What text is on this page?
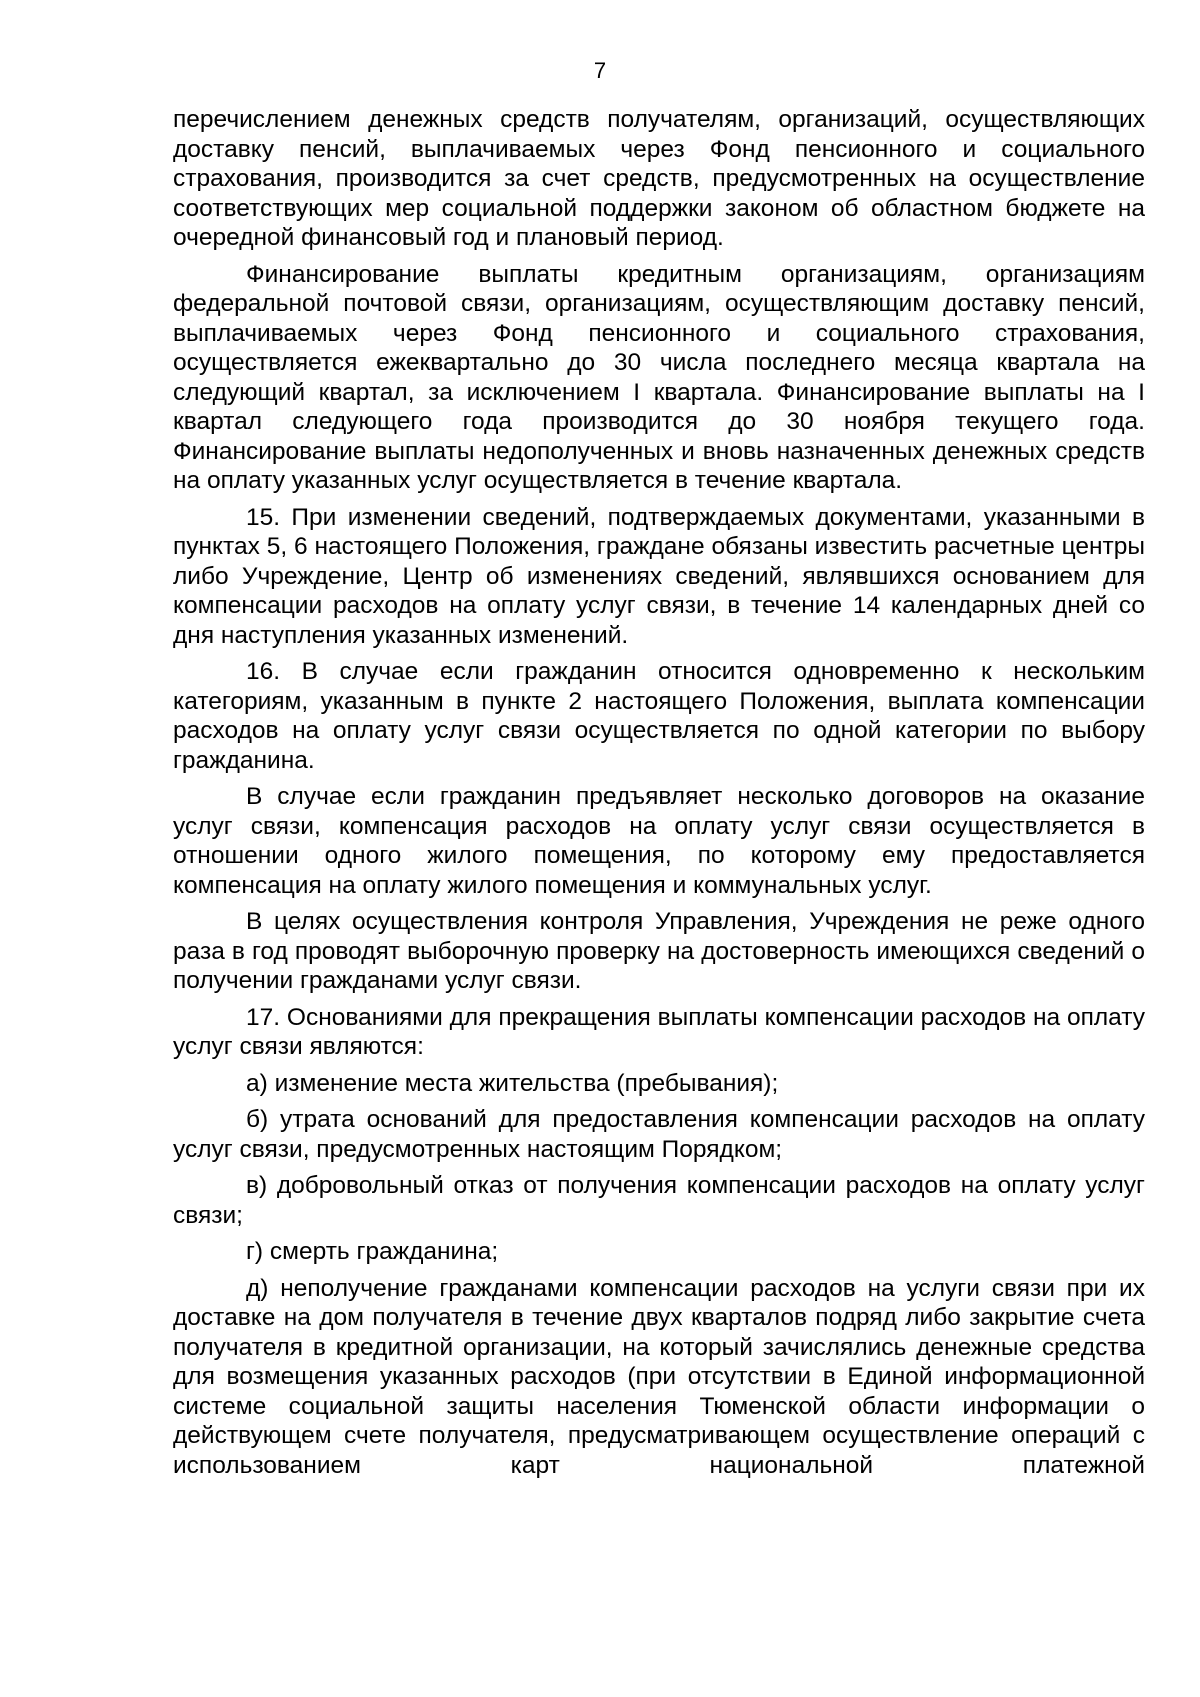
7

перечислением денежных средств получателям, организаций, осуществляющих доставку пенсий, выплачиваемых через Фонд пенсионного и социального страхования, производится за счет средств, предусмотренных на осуществление соответствующих мер социальной поддержки законом об областном бюджете на очередной финансовый год и плановый период.

Финансирование выплаты кредитным организациям, организациям федеральной почтовой связи, организациям, осуществляющим доставку пенсий, выплачиваемых через Фонд пенсионного и социального страхования, осуществляется ежеквартально до 30 числа последнего месяца квартала на следующий квартал, за исключением I квартала. Финансирование выплаты на I квартал следующего года производится до 30 ноября текущего года. Финансирование выплаты недополученных и вновь назначенных денежных средств на оплату указанных услуг осуществляется в течение квартала.

15. При изменении сведений, подтверждаемых документами, указанными в пунктах 5, 6 настоящего Положения, граждане обязаны известить расчетные центры либо Учреждение, Центр об изменениях сведений, являвшихся основанием для компенсации расходов на оплату услуг связи, в течение 14 календарных дней со дня наступления указанных изменений.

16. В случае если гражданин относится одновременно к нескольким категориям, указанным в пункте 2 настоящего Положения, выплата компенсации расходов на оплату услуг связи осуществляется по одной категории по выбору гражданина.

В случае если гражданин предъявляет несколько договоров на оказание услуг связи, компенсация расходов на оплату услуг связи осуществляется в отношении одного жилого помещения, по которому ему предоставляется компенсация на оплату жилого помещения и коммунальных услуг.

В целях осуществления контроля Управления, Учреждения не реже одного раза в год проводят выборочную проверку на достоверность имеющихся сведений о получении гражданами услуг связи.

17. Основаниями для прекращения выплаты компенсации расходов на оплату услуг связи являются:

а) изменение места жительства (пребывания);

б) утрата оснований для предоставления компенсации расходов на оплату услуг связи, предусмотренных настоящим Порядком;

в) добровольный отказ от получения компенсации расходов на оплату услуг связи;

г) смерть гражданина;

д) неполучение гражданами компенсации расходов на услуги связи при их доставке на дом получателя в течение двух кварталов подряд либо закрытие счета получателя в кредитной организации, на который зачислялись денежные средства для возмещения указанных расходов (при отсутствии в Единой информационной системе социальной защиты населения Тюменской области информации о действующем счете получателя, предусматривающем осуществление операций с использованием карт национальной платежной
